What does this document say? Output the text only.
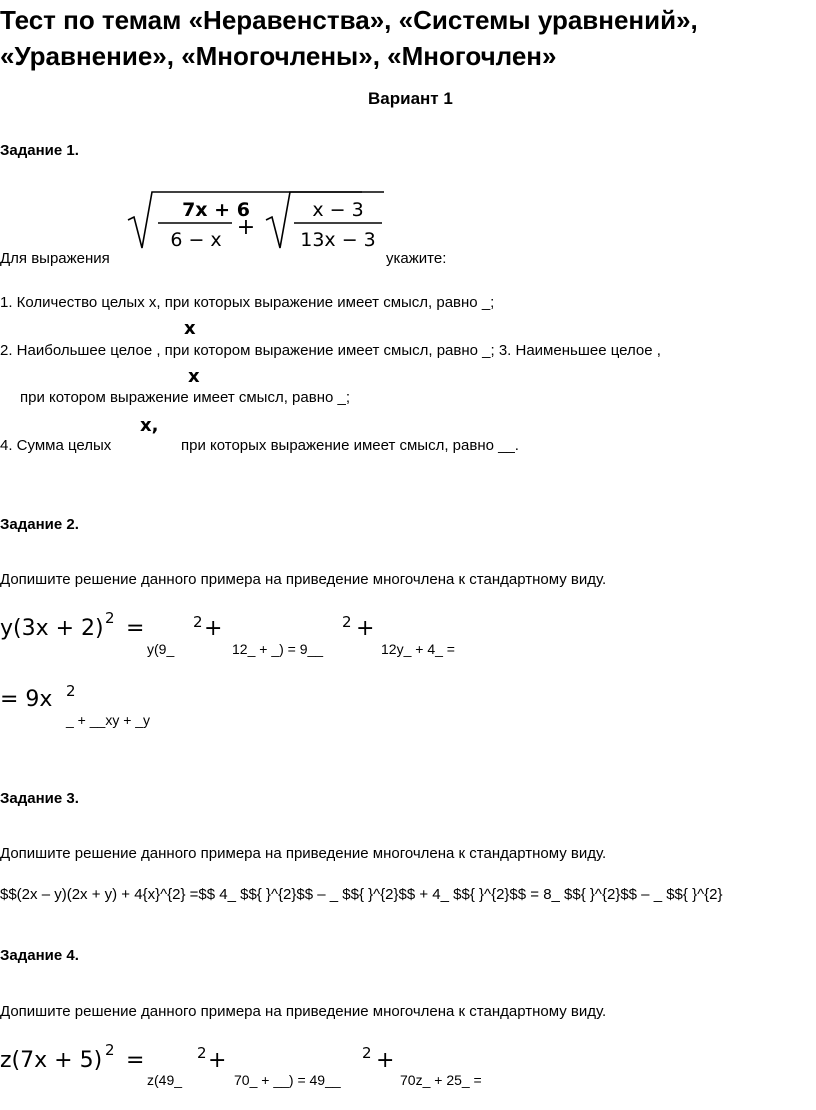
Тест по темам «Неравенства», «Системы уравнений»,
«Уравнение», «Многочлены», «Многочлен»
Вариант 1
Задание 1.
7x + 6
6 − x +
x − 3
13x − 3
Для выражения	укажите:
1. Количество целых x, при которых выражение имеет смысл, равно _;
x
2. Наибольшее целое , при котором выражение имеет смысл, равно _; 3. Наименьшее целое ,
x
при котором выражение имеет смысл, равно _;
x,
4. Сумма целых	при которых выражение имеет смысл, равно __.
Задание 2.
Допишите решение данного примера на приведение многочлена к стандартному виду.
y(3x + 2) 2 =	2 +	2 +
y(9_	12_ + _) = 9__	12y_ + 4_ =
= 9x 2
_ + __xy + _y
Задание 3.
Допишите решение данного примера на приведение многочлена к стандартному виду.
$$(2x – y)(2x + y) + 4{x}^{2} =$$ 4_ $${ }^{2}$$ – _ $${ }^{2}$$ + 4_ $${ }^{2}$$ = 8_ $${ }^{2}$$ – _ $${ }^{2}
Задание 4.
Допишите решение данного примера на приведение многочлена к стандартному виду.
z(7x + 5) 2 =	2 +	2 +
z(49_	70_ + __) = 49__	70z_ + 25_ =
